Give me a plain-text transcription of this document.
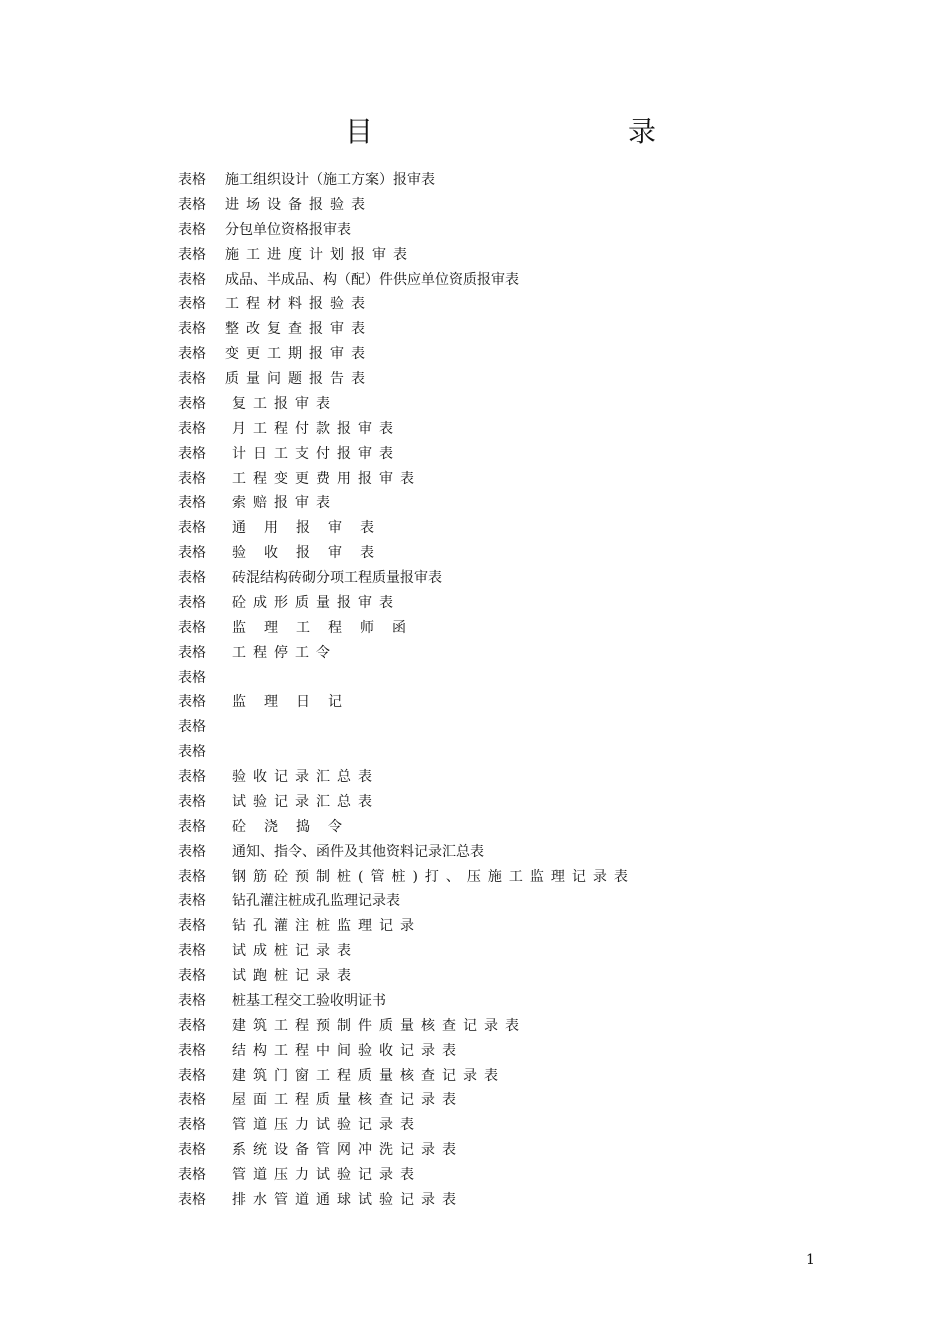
目	录
表格 施工组织设计（施工方案）报审表
表格 进场设备报验表
表格 分包单位资格报审表
表格 施工进度计划报审表
表格 成品、半成品、构（配）件供应单位资质报审表
表格 工程材料报验表
表格 整改复查报审表
表格 变更工期报审表
表格 质量问题报告表
表格 复工报审表
表格 月工程付款报审表
表格 计日工支付报审表
表格 工程变更费用报审表
表格 索赔报审表
表格 通用报审表
表格 验收报审表
表格 砖混结构砖砌分项工程质量报审表
表格 砼成形质量报审表
表格 监理工程师函
表格 工程停工令
表格
表格 监理日记
表格
表格
表格 验收记录汇总表
表格 试验记录汇总表
表格 砼浇捣令
表格 通知、指令、函件及其他资料记录汇总表
表格 钢筋砼预制桩(管桩)打、压施工监理记录表
表格 钻孔灌注桩成孔监理记录表
表格 钻孔灌注桩监理记录
表格 试成桩记录表
表格 试跑桩记录表
表格 桩基工程交工验收明证书
表格 建筑工程预制件质量核查记录表
表格 结构工程中间验收记录表
表格 建筑门窗工程质量核查记录表
表格 屋面工程质量核查记录表
表格 管道压力试验记录表
表格 系统设备管网冲洗记录表
表格 管道压力试验记录表
表格 排水管道通球试验记录表
1
